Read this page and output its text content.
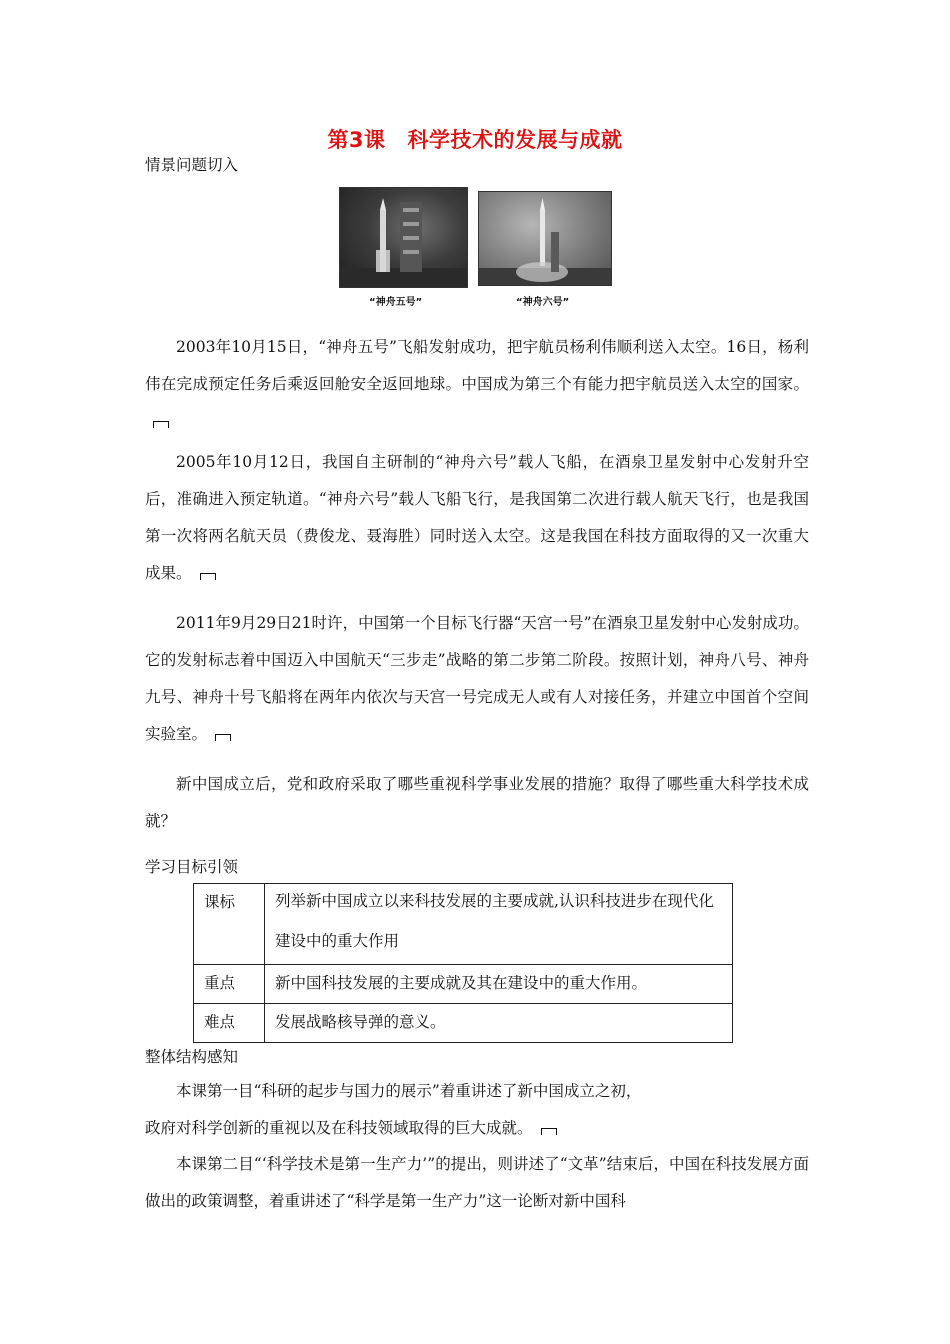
第3课 科学技术的发展与成就
情景问题切入
“神舟五号”	“神舟六号”

2003年10月15日，“神舟五号”飞船发射成功，把宇航员杨利伟顺利送入太空。16日，杨利伟在完成预定任务后乘返回舱安全返回地球。中国成为第三个有能力把宇航员送入太空的国家。

2005年10月12日，我国自主研制的“神舟六号”载人飞船，在酒泉卫星发射中心发射升空后，准确进入预定轨道。“神舟六号”载人飞船飞行，是我国第二次进行载人航天飞行，也是我国第一次将两名航天员（费俊龙、聂海胜）同时送入太空。这是我国在科技方面取得的又一次重大成果。

2011年9月29日21时许，中国第一个目标飞行器“天宫一号”在酒泉卫星发射中心发射成功。它的发射标志着中国迈入中国航天“三步走”战略的第二步第二阶段。按照计划，神舟八号、神舟九号、神舟十号飞船将在两年内依次与天宫一号完成无人或有人对接任务，并建立中国首个空间实验室。

新中国成立后，党和政府采取了哪些重视科学事业发展的措施？取得了哪些重大科学技术成就？

学习目标引领
课标	列举新中国成立以来科技发展的主要成就,认识科技进步在现代化建设中的重大作用

重点	新中国科技发展的主要成就及其在建设中的重大作用。
难点	发展战略核导弹的意义。
整体结构感知
本课第一目“科研的起步与国力的展示”着重讲述了新中国成立之初，
政府对科学创新的重视以及在科技领域取得的巨大成就。

本课第二目“‘科学技术是第一生产力’”的提出，则讲述了“文革”结束后，中国在科技发展方面做出的政策调整，着重讲述了“科学是第一生产力”这一论断对新中国科
